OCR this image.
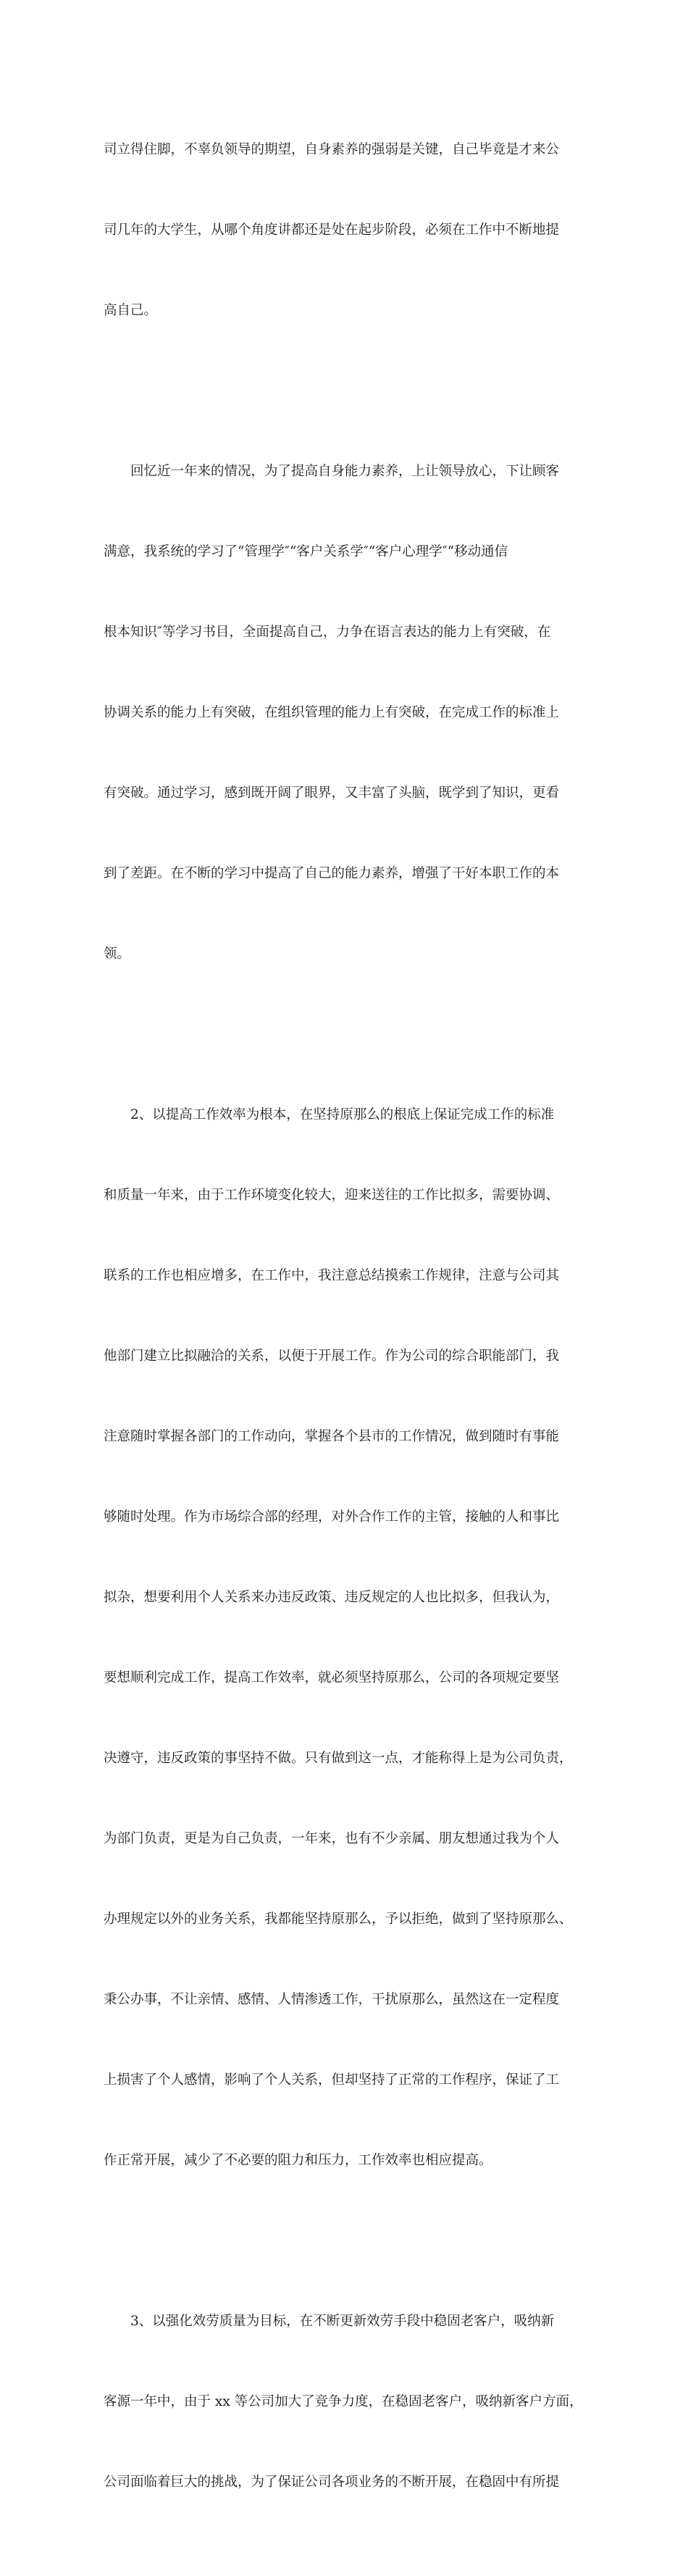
司立得住脚，不辜负领导的期望，自身素养的强弱是关键，自己毕竟是才来公

司几年的大学生，从哪个角度讲都还是处在起步阶段，必须在工作中不断地提

高自己。

　　回忆近一年来的情况，为了提高自身能力素养，上让领导放心，下让顾客

满意，我系统的学习了“管理学″“客户关系学″“客户心理学″“移动通信

根本知识″等学习书目，全面提高自己，力争在语言表达的能力上有突破，在

协调关系的能力上有突破，在组织管理的能力上有突破，在完成工作的标准上

有突破。通过学习，感到既开阔了眼界，又丰富了头脑，既学到了知识，更看

到了差距。在不断的学习中提高了自己的能力素养，增强了干好本职工作的本

领。

　　2、以提高工作效率为根本，在坚持原那么的根底上保证完成工作的标准

和质量一年来，由于工作环境变化较大，迎来送往的工作比拟多，需要协调、

联系的工作也相应增多，在工作中，我注意总结摸索工作规律，注意与公司其

他部门建立比拟融洽的关系，以便于开展工作。作为公司的综合职能部门，我

注意随时掌握各部门的工作动向，掌握各个县市的工作情况，做到随时有事能

够随时处理。作为市场综合部的经理，对外合作工作的主管，接触的人和事比

拟杂，想要利用个人关系来办违反政策、违反规定的人也比拟多，但我认为，

要想顺利完成工作，提高工作效率，就必须坚持原那么，公司的各项规定要坚

决遵守，违反政策的事坚持不做。只有做到这一点，才能称得上是为公司负责，

为部门负责，更是为自己负责，一年来，也有不少亲属、朋友想通过我为个人

办理规定以外的业务关系，我都能坚持原那么，予以拒绝，做到了坚持原那么、

秉公办事，不让亲情、感情、人情渗透工作，干扰原那么，虽然这在一定程度

上损害了个人感情，影响了个人关系，但却坚持了正常的工作程序，保证了工

作正常开展，减少了不必要的阻力和压力，工作效率也相应提高。

　　3、以强化效劳质量为目标，在不断更新效劳手段中稳固老客户，吸纳新

客源一年中，由于 xx 等公司加大了竞争力度，在稳固老客户，吸纳新客户方面，

公司面临着巨大的挑战，为了保证公司各项业务的不断开展，在稳固中有所提
